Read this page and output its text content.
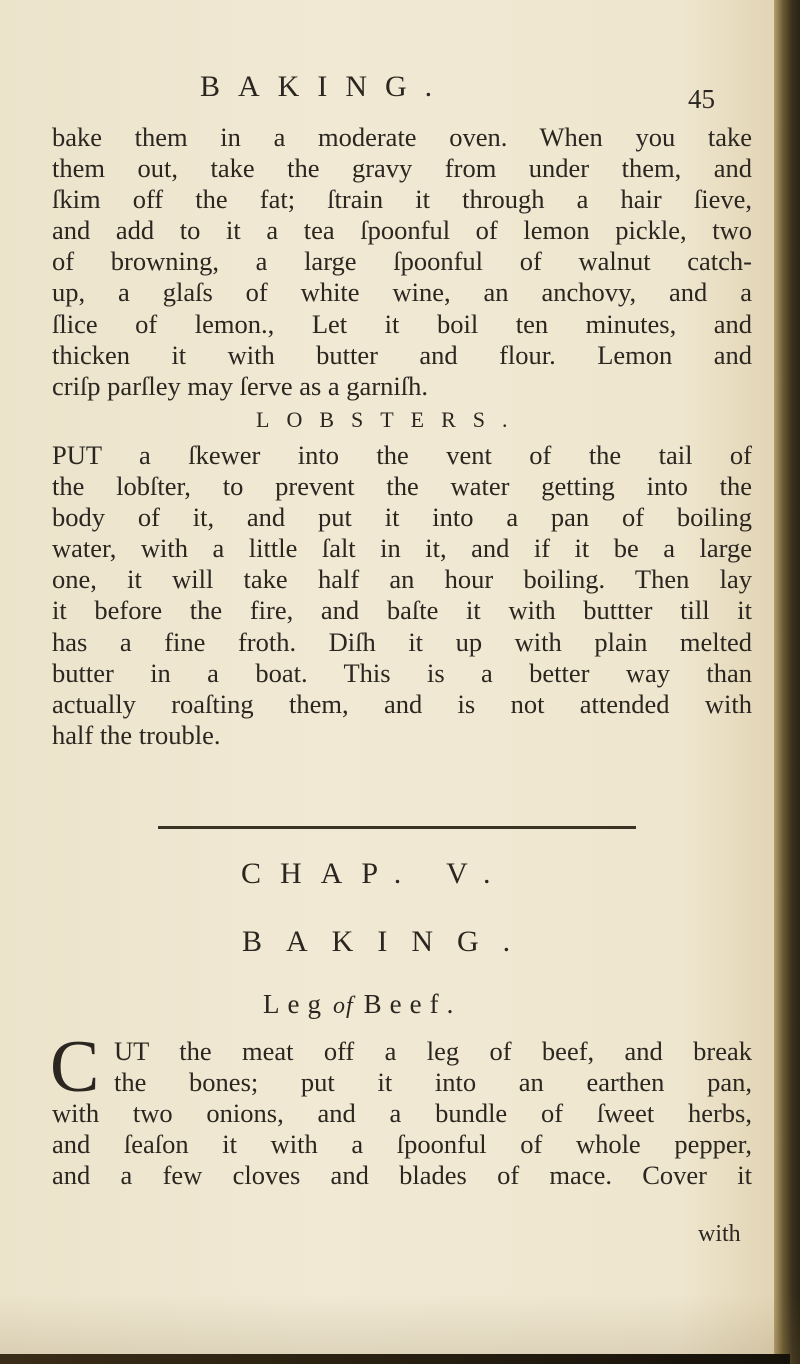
BAKING.	45
bake them in a moderate oven. When you take
them out, take the gravy from under them, and
ſkim off the fat; ſtrain it through a hair ſieve,
and add to it a tea ſpoonful of lemon pickle, two
of browning, a large ſpoonful of walnut catch-
up, a glaſs of white wine, an anchovy, and a
ſlice of lemon., Let it boil ten minutes, and
thicken it with butter and flour. Lemon and
criſp parſley may ſerve as a garniſh.
LOBSTERS.
PUT a ſkewer into the vent of the tail of
the lobſter, to prevent the water getting into the
body of it, and put it into a pan of boiling
water, with a little ſalt in it, and if it be a large
one, it will take half an hour boiling. Then lay
it before the fire, and baſte it with buttter till it
has a fine froth. Diſh it up with plain melted
butter in a boat. This is a better way than
actually roaſting them, and is not attended with
half the trouble.
CHAP. V.
BAKING.
Leg of Beef.
C UT the meat off a leg of beef, and break
the bones; put it into an earthen pan,
with two onions, and a bundle of ſweet herbs,
and ſeaſon it with a ſpoonful of whole pepper,
and a few cloves and blades of mace. Cover it
with
